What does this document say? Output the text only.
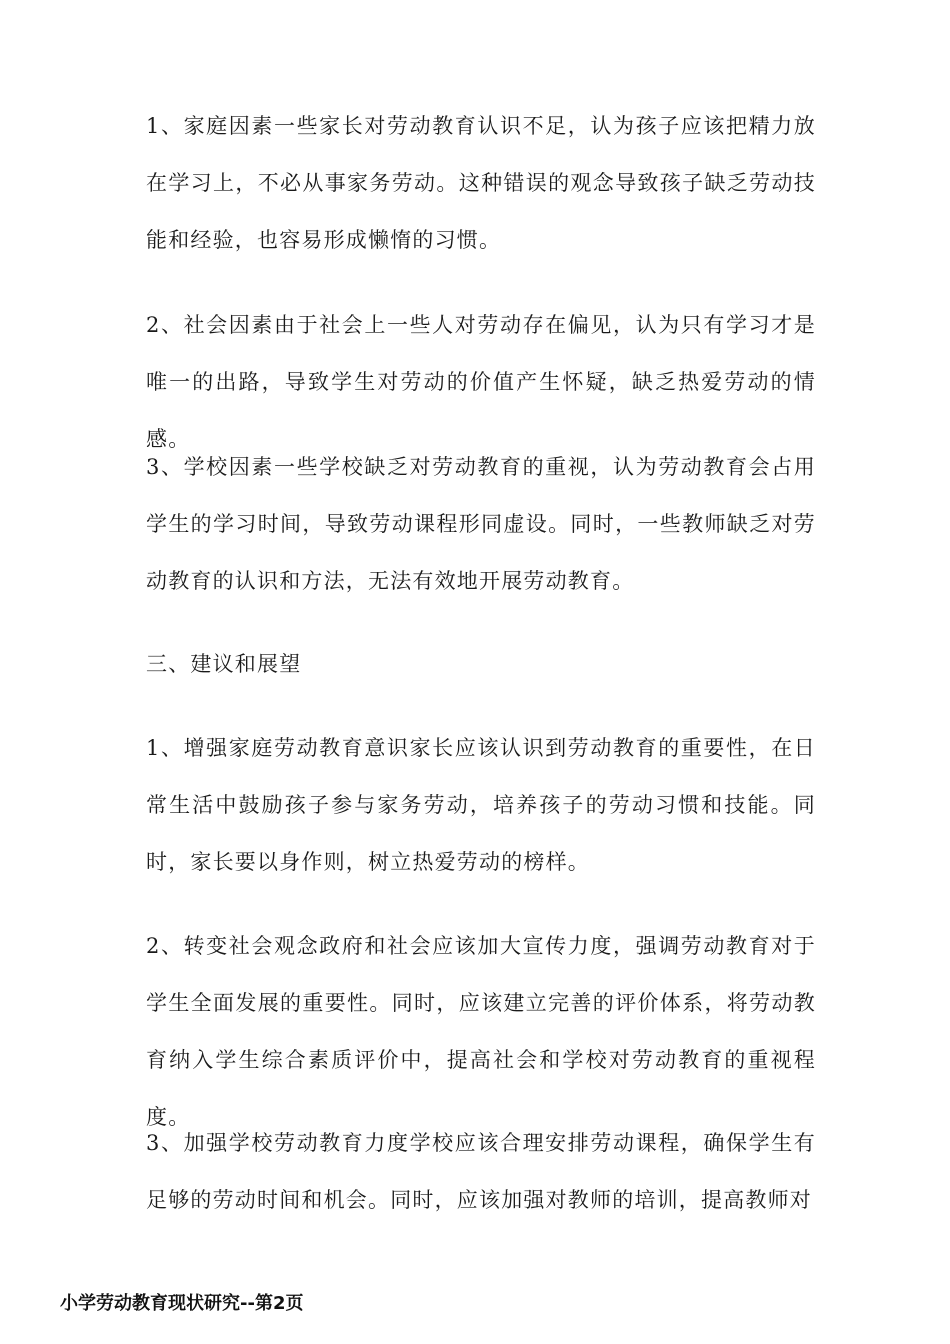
1、家庭因素一些家长对劳动教育认识不足，认为孩子应该把精力放在学习上，不必从事家务劳动。这种错误的观念导致孩子缺乏劳动技能和经验，也容易形成懒惰的习惯。

2、社会因素由于社会上一些人对劳动存在偏见，认为只有学习才是唯一的出路，导致学生对劳动的价值产生怀疑，缺乏热爱劳动的情感。

3、学校因素一些学校缺乏对劳动教育的重视，认为劳动教育会占用学生的学习时间，导致劳动课程形同虚设。同时，一些教师缺乏对劳动教育的认识和方法，无法有效地开展劳动教育。

三、建议和展望

1、增强家庭劳动教育意识家长应该认识到劳动教育的重要性，在日常生活中鼓励孩子参与家务劳动，培养孩子的劳动习惯和技能。同时，家长要以身作则，树立热爱劳动的榜样。

2、转变社会观念政府和社会应该加大宣传力度，强调劳动教育对于学生全面发展的重要性。同时，应该建立完善的评价体系，将劳动教育纳入学生综合素质评价中，提高社会和学校对劳动教育的重视程度。

3、加强学校劳动教育力度学校应该合理安排劳动课程，确保学生有足够的劳动时间和机会。同时，应该加强对教师的培训，提高教师对

小学劳动教育现状研究--第2页
